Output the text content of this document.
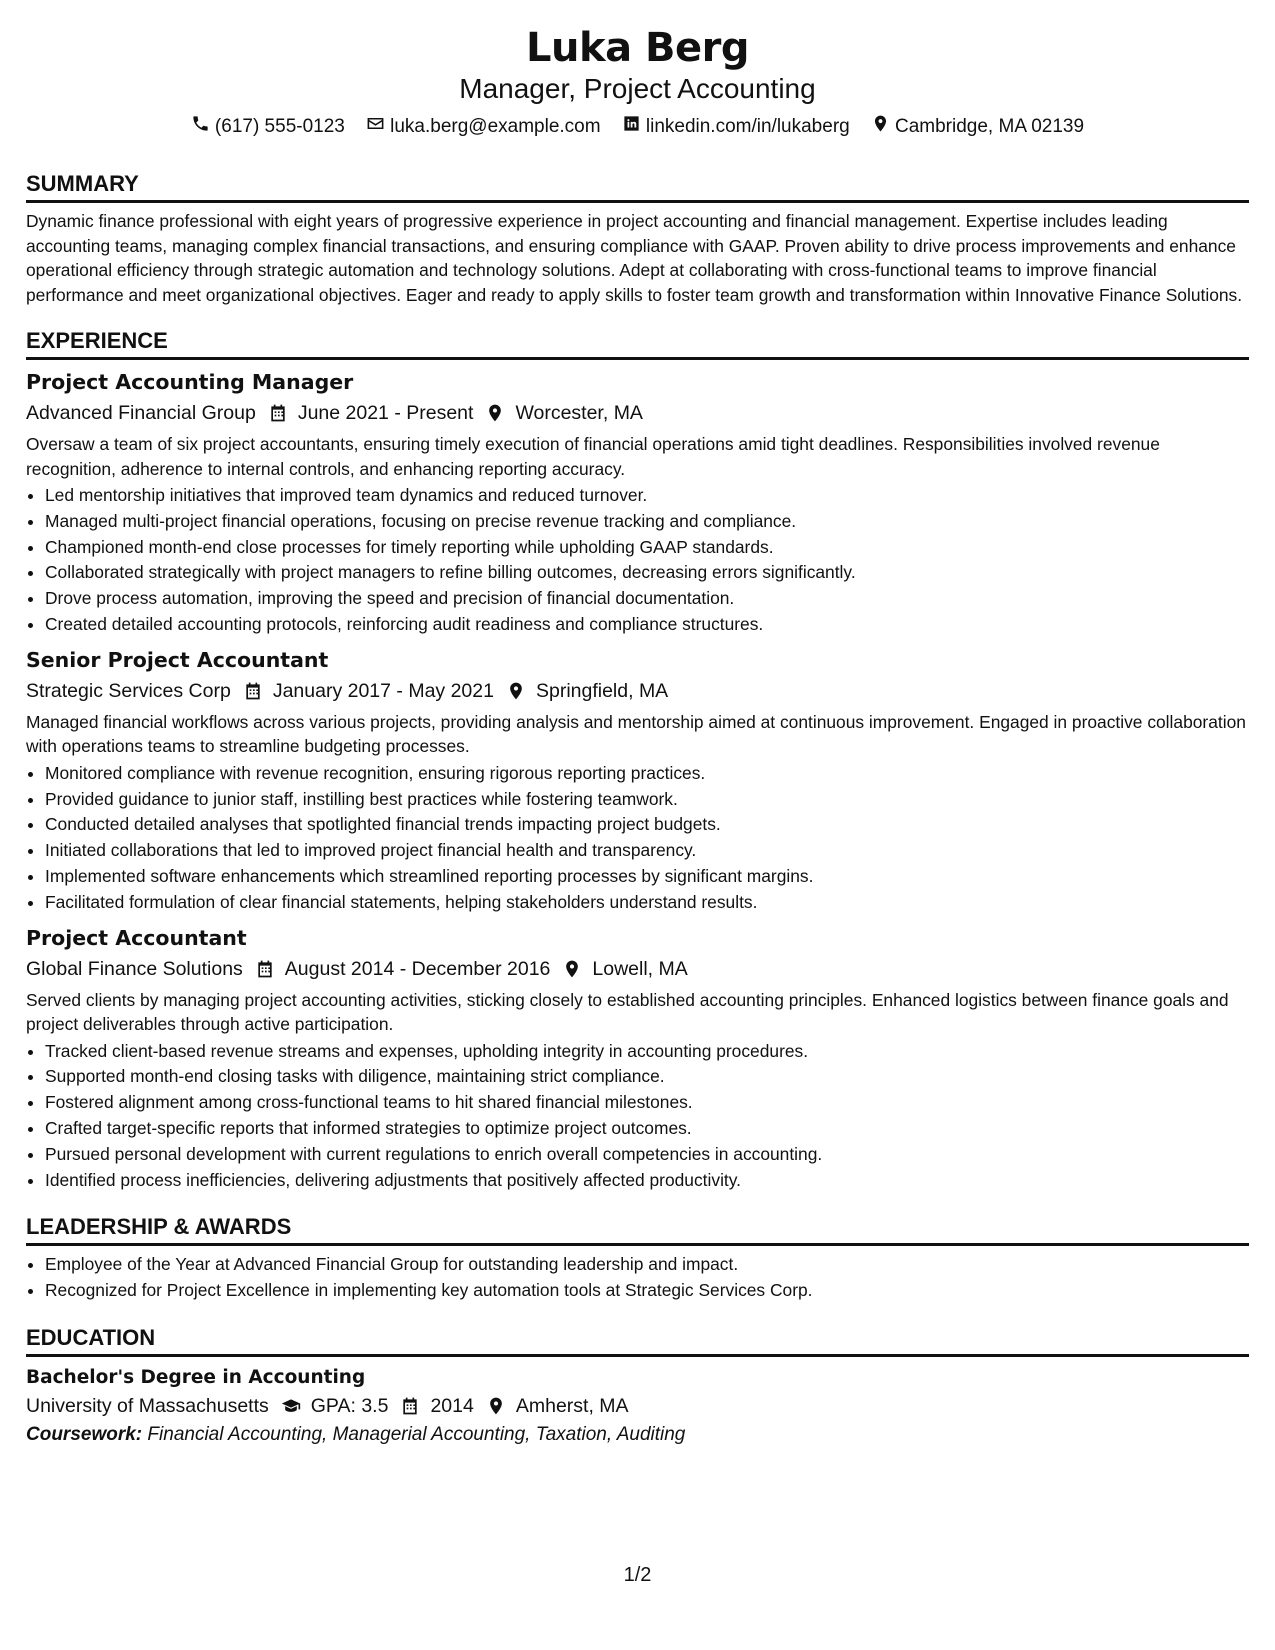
Luka Berg
Manager, Project Accounting
(617) 555-0123
luka.berg@example.com
linkedin.com/in/lukaberg
Cambridge, MA 02139
SUMMARY

Dynamic finance professional with eight years of progressive experience in project accounting and financial management. Expertise includes leading accounting teams, managing complex financial transactions, and ensuring compliance with GAAP. Proven ability to drive process improvements and enhance operational efficiency through strategic automation and technology solutions. Adept at collaborating with cross-functional teams to improve financial performance and meet organizational objectives. Eager and ready to apply skills to foster team growth and transformation within Innovative Finance Solutions.

EXPERIENCE
Project Accounting Manager
Advanced Financial Group June 2021 - Present Worcester, MA
Oversaw a team of six project accountants, ensuring timely execution of financial operations amid tight deadlines. Responsibilities involved revenue recognition, adherence to internal controls, and enhancing reporting accuracy.
• Led mentorship initiatives that improved team dynamics and reduced turnover.
• Managed multi-project financial operations, focusing on precise revenue tracking and compliance.
• Championed month-end close processes for timely reporting while upholding GAAP standards.
• Collaborated strategically with project managers to refine billing outcomes, decreasing errors significantly.
• Drove process automation, improving the speed and precision of financial documentation.
• Created detailed accounting protocols, reinforcing audit readiness and compliance structures.
Senior Project Accountant
Strategic Services Corp January 2017 - May 2021 Springfield, MA
Managed financial workflows across various projects, providing analysis and mentorship aimed at continuous improvement. Engaged in proactive collaboration with operations teams to streamline budgeting processes.
• Monitored compliance with revenue recognition, ensuring rigorous reporting practices.
• Provided guidance to junior staff, instilling best practices while fostering teamwork.
• Conducted detailed analyses that spotlighted financial trends impacting project budgets.
• Initiated collaborations that led to improved project financial health and transparency.
• Implemented software enhancements which streamlined reporting processes by significant margins.
• Facilitated formulation of clear financial statements, helping stakeholders understand results.
Project Accountant
Global Finance Solutions August 2014 - December 2016 Lowell, MA
Served clients by managing project accounting activities, sticking closely to established accounting principles. Enhanced logistics between finance goals and project deliverables through active participation.
• Tracked client-based revenue streams and expenses, upholding integrity in accounting procedures.
• Supported month-end closing tasks with diligence, maintaining strict compliance.
• Fostered alignment among cross-functional teams to hit shared financial milestones.
• Crafted target-specific reports that informed strategies to optimize project outcomes.
• Pursued personal development with current regulations to enrich overall competencies in accounting.
• Identified process inefficiencies, delivering adjustments that positively affected productivity.
LEADERSHIP & AWARDS
• Employee of the Year at Advanced Financial Group for outstanding leadership and impact.
• Recognized for Project Excellence in implementing key automation tools at Strategic Services Corp.
EDUCATION
Bachelor's Degree in Accounting
University of Massachusetts GPA: 3.5 2014 Amherst, MA
Coursework: Financial Accounting, Managerial Accounting, Taxation, Auditing
1/2
